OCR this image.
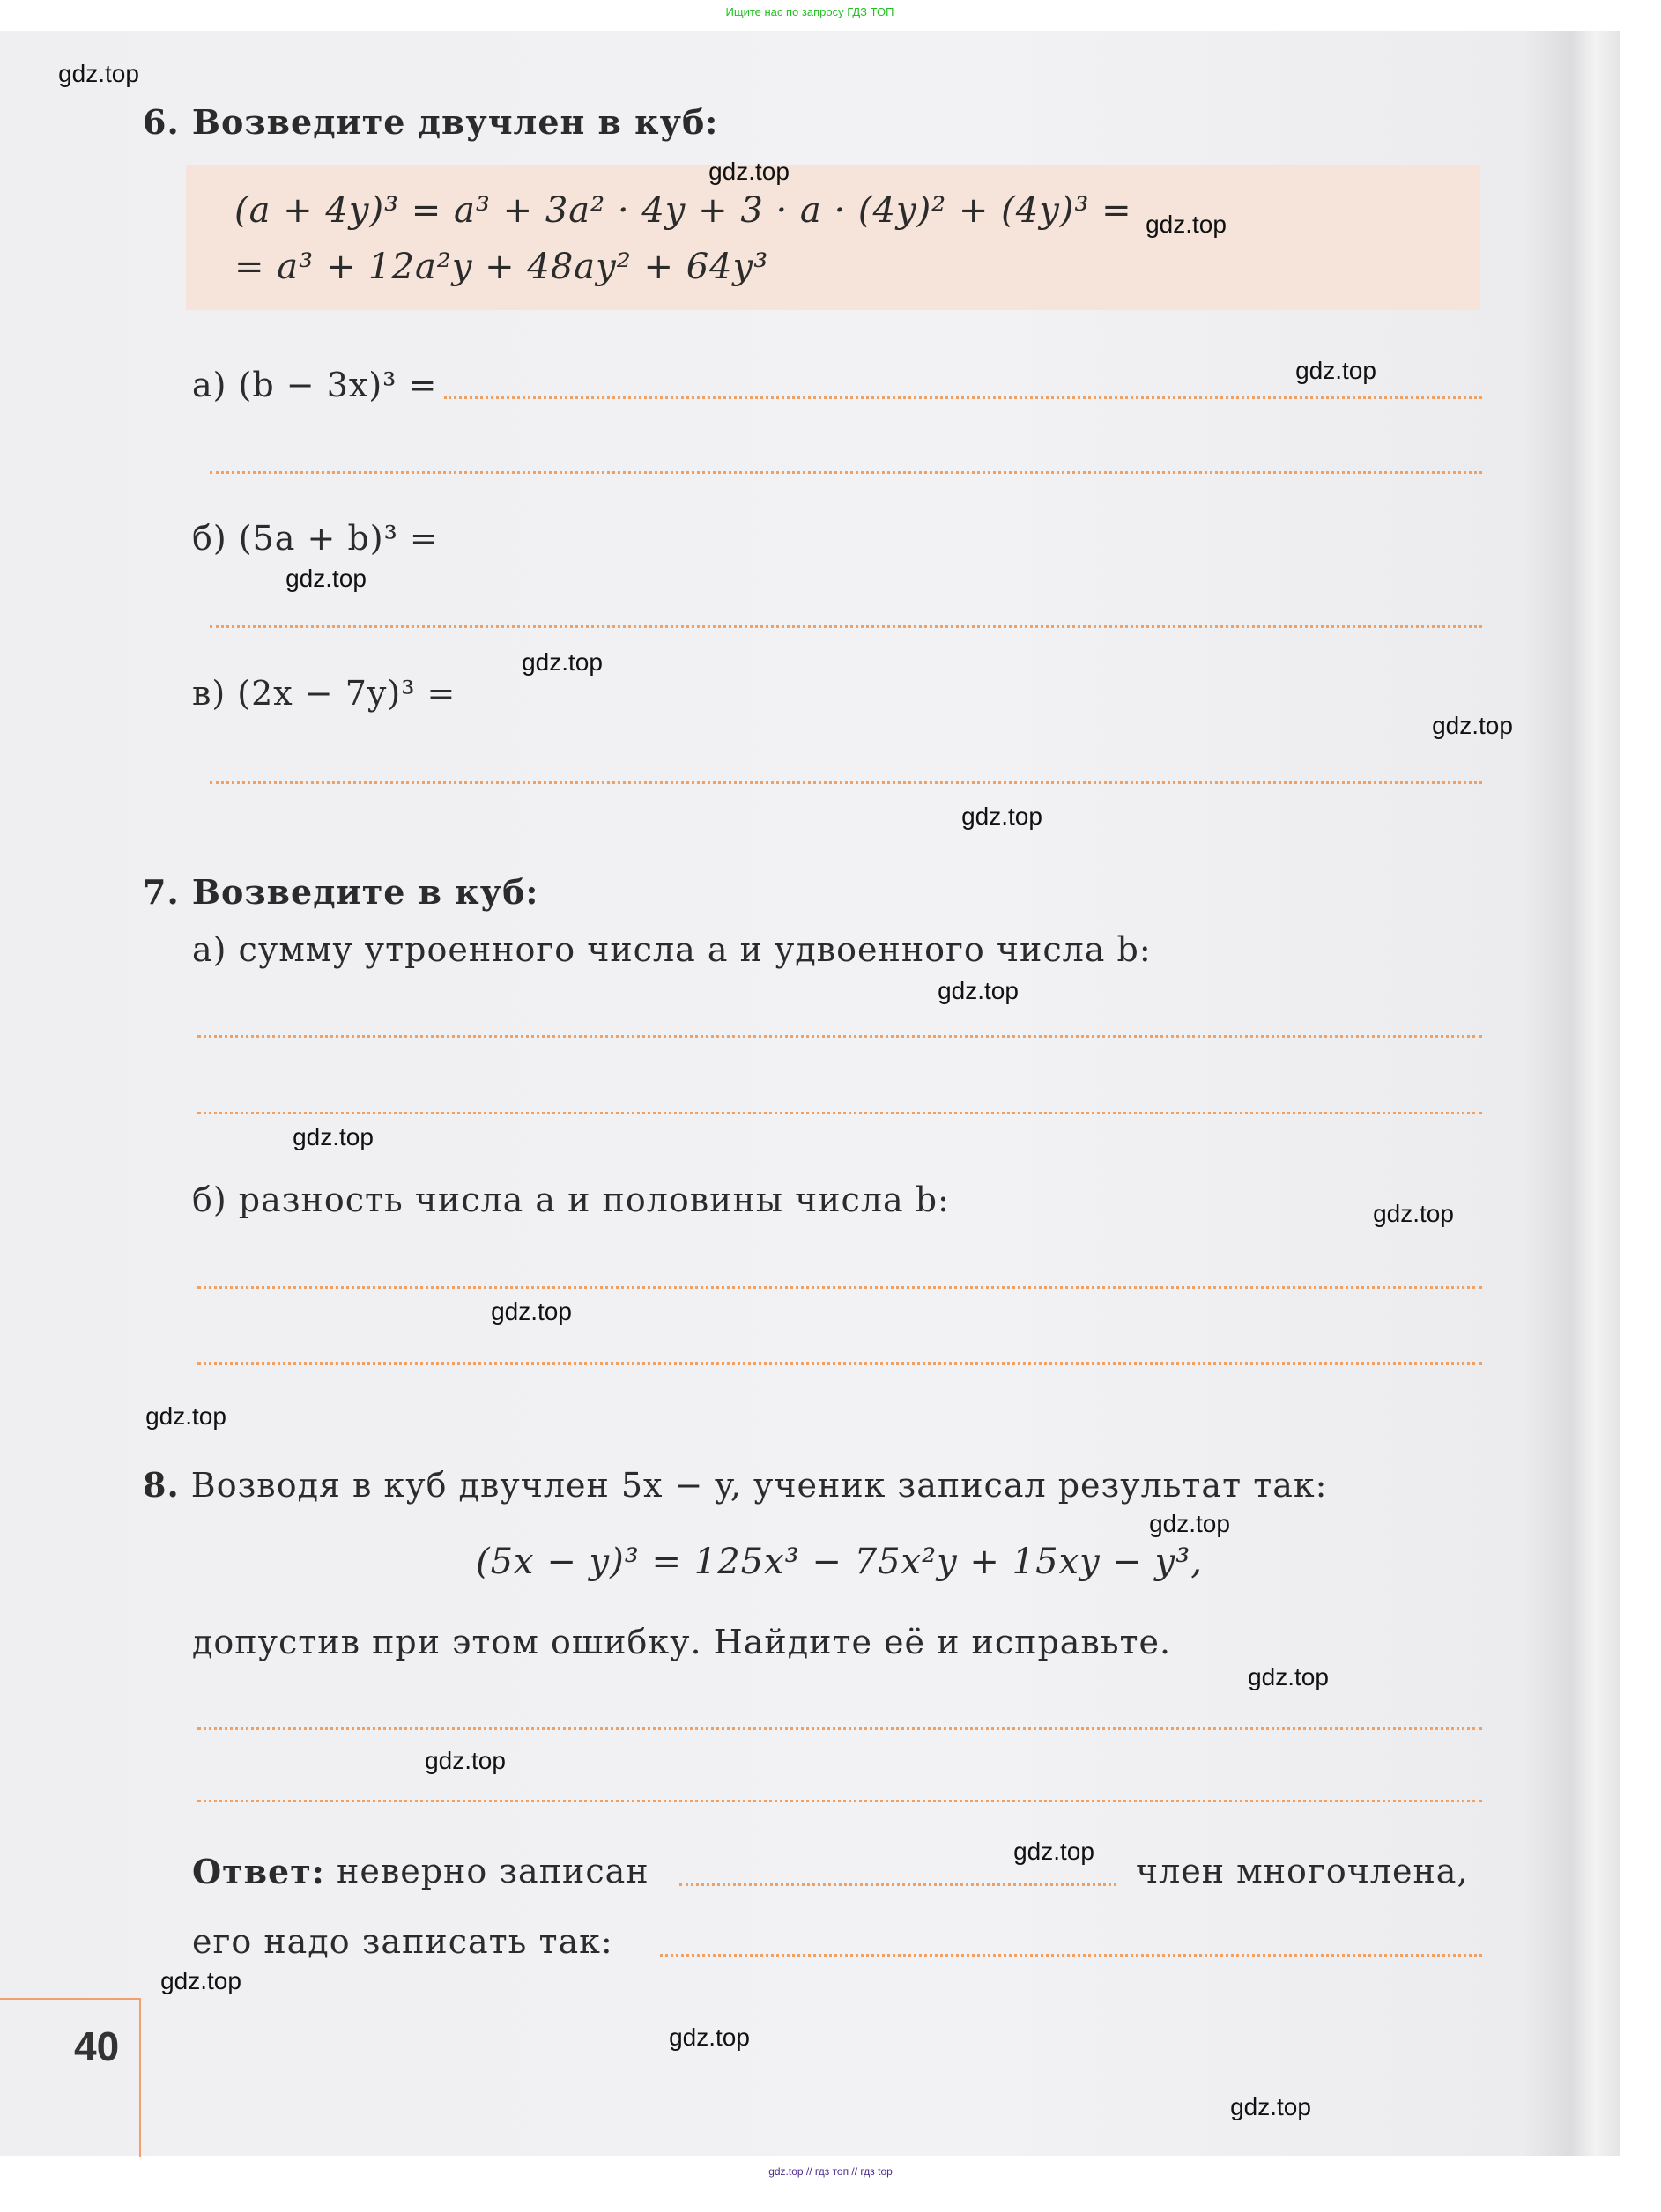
Ищите нас по запросу ГДЗ ТОП
6. Возведите двучлен в куб:
(a + 4y)³ = a³ + 3a² · 4y + 3 · a · (4y)² + (4y)³ =
= a³ + 12a²y + 48ay² + 64y³
а) (b − 3x)³ =
б) (5a + b)³ =
в) (2x − 7y)³ =
7. Возведите в куб:
а) сумму утроенного числа a и удвоенного числа b:
б) разность числа a и половины числа b:
8. Возводя в куб двучлен 5x − y, ученик записал результат так:
(5x − y)³ = 125x³ − 75x²y + 15xy − y³,
допустив при этом ошибку. Найдите её и исправьте.
Ответ: неверно записан	член многочлена,
его надо записать так:
40
gdz.top
gdz.top
gdz.top
gdz.top
gdz.top
gdz.top
gdz.top
gdz.top
gdz.top
gdz.top
gdz.top
gdz.top
gdz.top
gdz.top
gdz.top
gdz.top
gdz.top
gdz.top
gdz.top
gdz.top
gdz.top // гдз топ // гдз top
